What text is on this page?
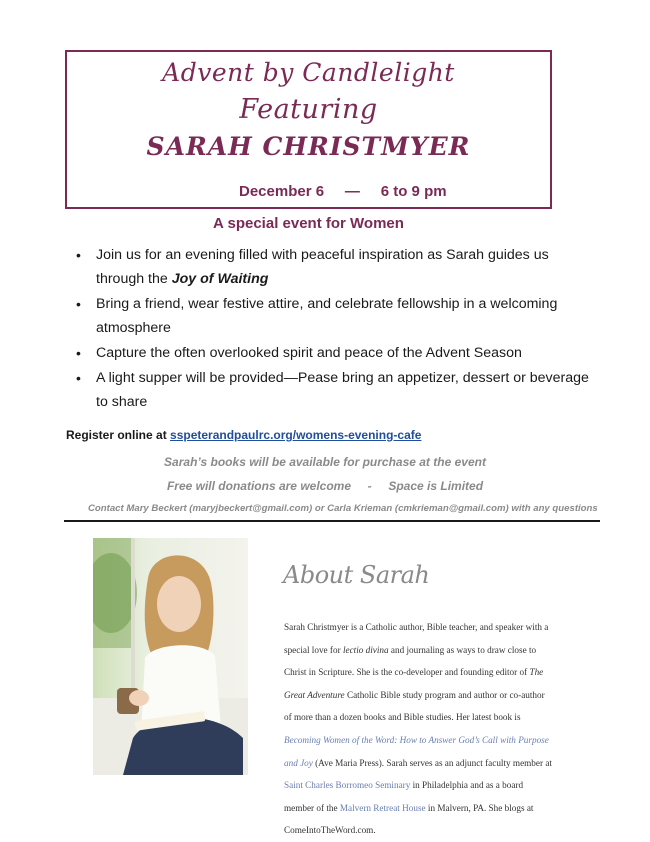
Advent by Candlelight
Featuring
SARAH CHRISTMYER
December 6     —     6 to 9 pm
A special event for Women
• Join us for an evening filled with peaceful inspiration as Sarah guides us through the Joy of Waiting
• Bring a friend, wear festive attire, and celebrate fellowship in a welcoming atmosphere
• Capture the often overlooked spirit and peace of the Advent Season
• A light supper will be provided—Pease bring an appetizer, dessert or beverage to share
Register online at sspeterandpaulrc.org/womens-evening-cafe
Sarah’s books will be available for purchase at the event
Free will donations are welcome     -     Space is Limited
Contact Mary Beckert (maryjbeckert@gmail.com) or Carla Krieman (cmkrieman@gmail.com) with any questions
About Sarah
Sarah Christmyer is a Catholic author, Bible teacher, and speaker with a special love for lectio divina and journaling as ways to draw close to Christ in Scripture. She is the co-developer and founding editor of The Great Adventure Catholic Bible study program and author or co-author of more than a dozen books and Bible studies. Her latest book is Becoming Women of the Word: How to Answer God’s Call with Purpose and Joy (Ave Maria Press). Sarah serves as an adjunct faculty member at Saint Charles Borromeo Seminary in Philadelphia and as a board member of the Malvern Retreat House in Malvern, PA. She blogs at ComeIntoTheWord.com.
